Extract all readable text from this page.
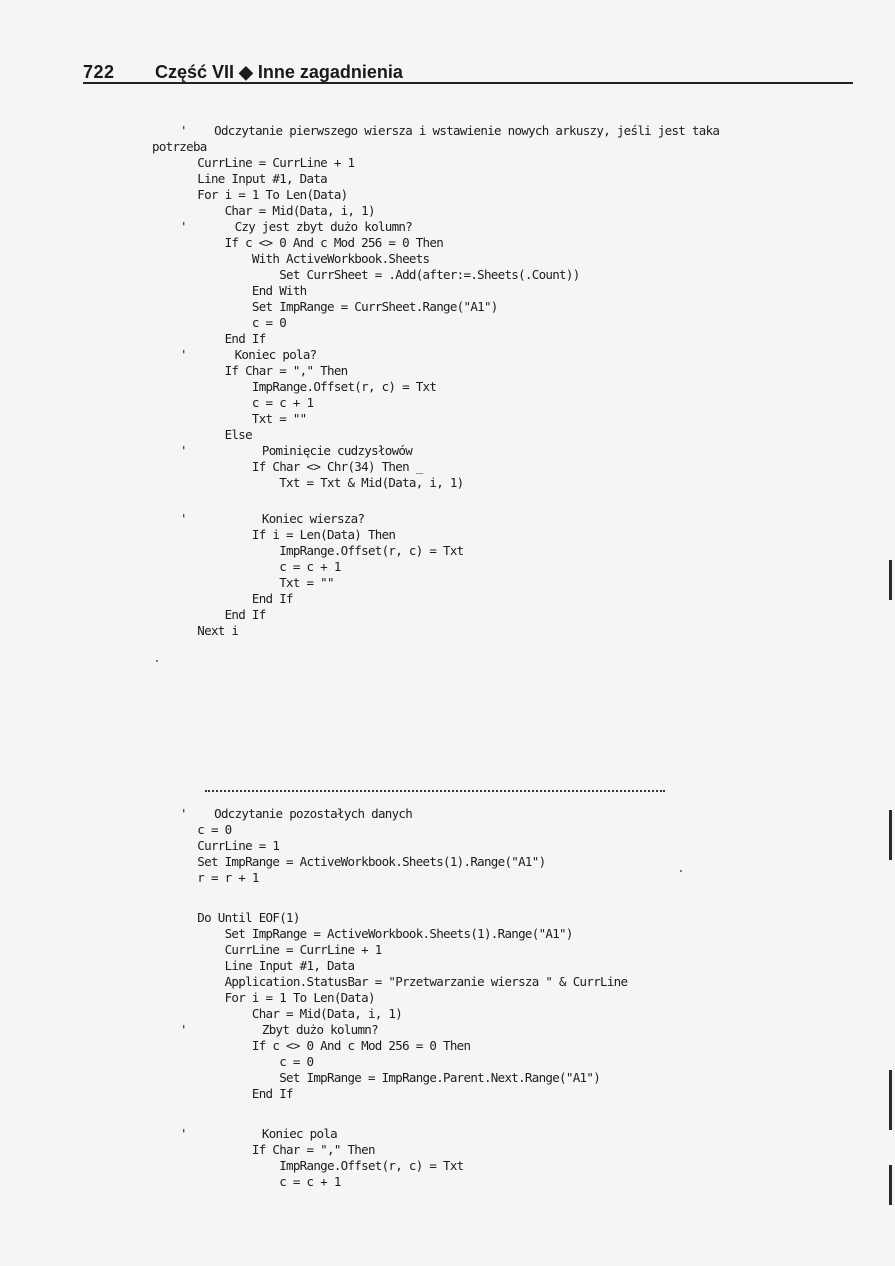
722 Część VII ◆ Inne zagadnienia
'    Odczytanie pierwszego wiersza i wstawienie nowych arkuszy, jeśli jest taka
potrzeba
CurrLine = CurrLine + 1
Line Input #1, Data
For i = 1 To Len(Data)
Char = Mid(Data, i, 1)
'       Czy jest zbyt dużo kolumn?
If c <> 0 And c Mod 256 = 0 Then
With ActiveWorkbook.Sheets
Set CurrSheet = .Add(after:=.Sheets(.Count))
End With
Set ImpRange = CurrSheet.Range("A1")
c = 0
End If
'       Koniec pola?
If Char = "," Then
ImpRange.Offset(r, c) = Txt
c = c + 1
Txt = ""
Else
'           Pominięcie cudzysłowów
If Char <> Chr(34) Then _
Txt = Txt & Mid(Data, i, 1)
'           Koniec wiersza?
If i = Len(Data) Then
ImpRange.Offset(r, c) = Txt
c = c + 1
Txt = ""
End If
End If
Next i
'    Odczytanie pozostałych danych
c = 0
CurrLine = 1
Set ImpRange = ActiveWorkbook.Sheets(1).Range("A1")
r = r + 1
Do Until EOF(1)
Set ImpRange = ActiveWorkbook.Sheets(1).Range("A1")
CurrLine = CurrLine + 1
Line Input #1, Data
Application.StatusBar = "Przetwarzanie wiersza " & CurrLine
For i = 1 To Len(Data)
Char = Mid(Data, i, 1)
'           Zbyt dużo kolumn?
If c <> 0 And c Mod 256 = 0 Then
c = 0
Set ImpRange = ImpRange.Parent.Next.Range("A1")
End If
'           Koniec pola
If Char = "," Then
ImpRange.Offset(r, c) = Txt
c = c + 1
